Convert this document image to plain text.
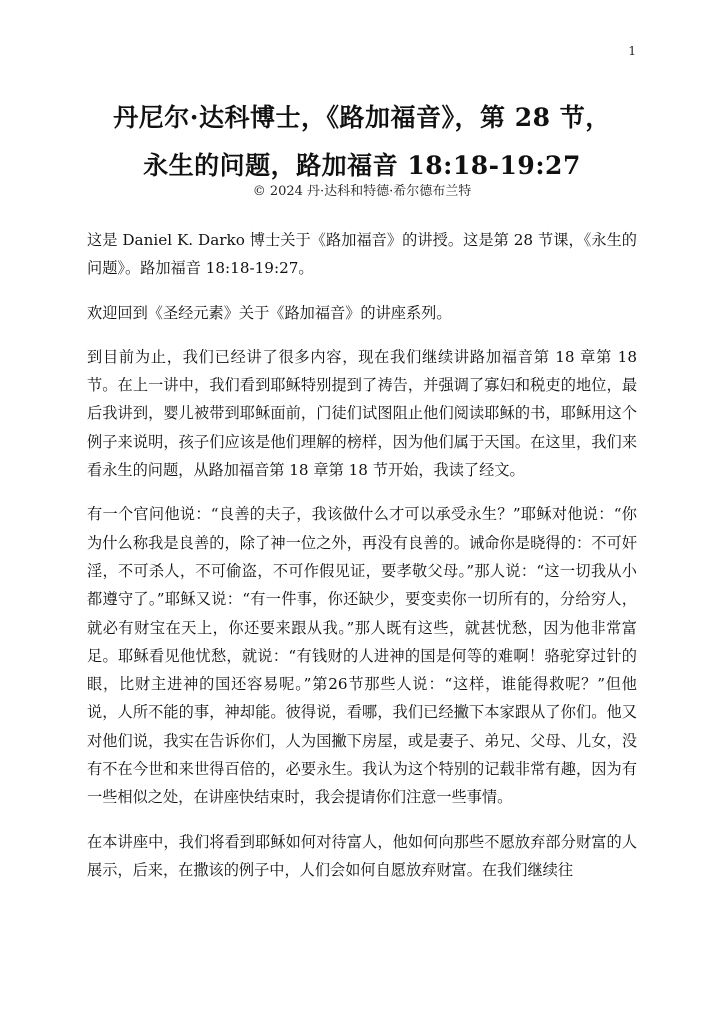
1
丹尼尔·达科博士，《路加福音》，第 28 节，
永生的问题，路加福音 18:18-19:27
© 2024 丹·达科和特德·希尔德布兰特

这是 Daniel K. Darko 博士关于《路加福音》的讲授。这是第 28 节课，《永生的问题》。路加福音 18:18-19:27。

欢迎回到《圣经元素》关于《路加福音》的讲座系列。

到目前为止，我们已经讲了很多内容，现在我们继续讲路加福音第 18 章第 18 节。在上一讲中，我们看到耶稣特别提到了祷告，并强调了寡妇和税吏的地位，最后我讲到，婴儿被带到耶稣面前，门徒们试图阻止他们阅读耶稣的书，耶稣用这个例子来说明，孩子们应该是他们理解的榜样，因为他们属于天国。在这里，我们来看永生的问题，从路加福音第 18 章第 18 节开始，我读了经文。

有一个官问他说：“良善的夫子，我该做什么才可以承受永生？”耶稣对他说：“你为什么称我是良善的，除了神一位之外，再没有良善的。诫命你是晓得的：不可奸淫，不可杀人，不可偷盗，不可作假见证，要孝敬父母。”那人说：“这一切我从小都遵守了。”耶稣又说：“有一件事，你还缺少，要变卖你一切所有的，分给穷人，就必有财宝在天上，你还要来跟从我。”那人既有这些，就甚忧愁，因为他非常富足。耶稣看见他忧愁，就说：“有钱财的人进神的国是何等的难啊！骆驼穿过针的眼，比财主进神的国还容易呢。”第26节那些人说：“这样，谁能得救呢？”但他说，人所不能的事，神却能。彼得说，看哪，我们已经撇下本家跟从了你们。他又对他们说，我实在告诉你们，人为国撇下房屋，或是妻子、弟兄、父母、儿女，没有不在今世和来世得百倍的，必要永生。我认为这个特别的记载非常有趣，因为有一些相似之处，在讲座快结束时，我会提请你们注意一些事情。

在本讲座中，我们将看到耶稣如何对待富人，他如何向那些不愿放弃部分财富的人展示，后来，在撒该的例子中，人们会如何自愿放弃财富。在我们继续往
